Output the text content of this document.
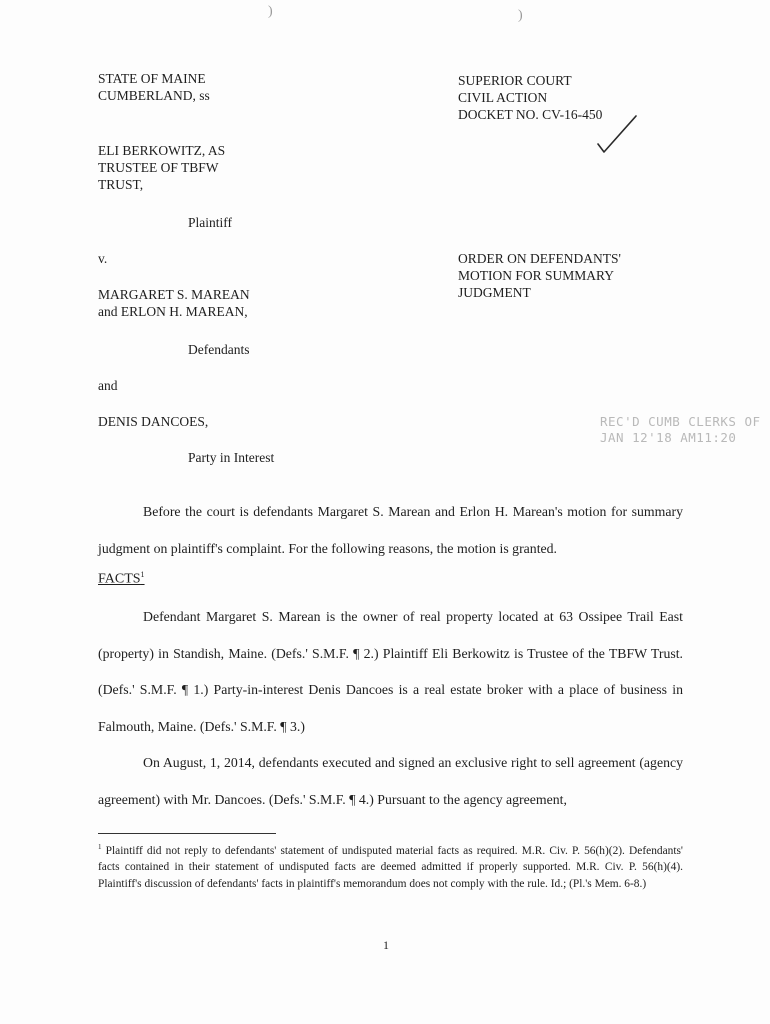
)	)
STATE OF MAINE
CUMBERLAND, ss
SUPERIOR COURT
CIVIL ACTION
DOCKET NO. CV-16-450
ELI BERKOWITZ, AS
TRUSTEE OF TBFW
TRUST,
Plaintiff
v.	ORDER ON DEFENDANTS'
MOTION FOR SUMMARY
JUDGMENT
MARGARET S. MAREAN
and ERLON H. MAREAN,
Defendants
and
DENIS DANCOES,
Party in Interest
REC'D CUMB CLERKS OF
JAN 12'18 AM11:20
Before the court is defendants Margaret S. Marean and Erlon H. Marean's motion for summary judgment on plaintiff's complaint. For the following reasons, the motion is granted.
FACTS$^1$
Defendant Margaret S. Marean is the owner of real property located at 63 Ossipee Trail East (property) in Standish, Maine. (Defs.' S.M.F. ¶ 2.) Plaintiff Eli Berkowitz is Trustee of the TBFW Trust. (Defs.' S.M.F. ¶ 1.) Party-in-interest Denis Dancoes is a real estate broker with a place of business in Falmouth, Maine. (Defs.' S.M.F. ¶ 3.)
On August, 1, 2014, defendants executed and signed an exclusive right to sell agreement (agency agreement) with Mr. Dancoes. (Defs.' S.M.F. ¶ 4.) Pursuant to the agency agreement,
$^1$ Plaintiff did not reply to defendants' statement of undisputed material facts as required. M.R. Civ. P. 56(h)(2). Defendants' facts contained in their statement of undisputed facts are deemed admitted if properly supported. M.R. Civ. P. 56(h)(4). Plaintiff's discussion of defendants' facts in plaintiff's memorandum does not comply with the rule. Id.; (Pl.'s Mem. 6-8.)
1
